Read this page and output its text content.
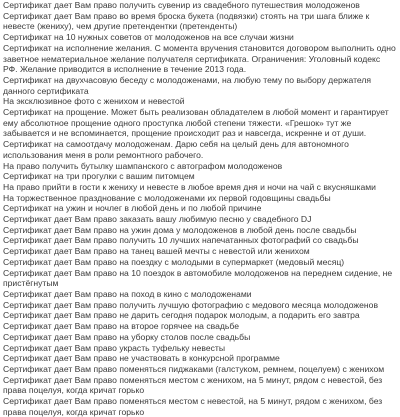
Сертификат дает Вам право получить сувенир из свадебного путешествия молодоженов
Сертификат дает Вам право во время броска букета (подвязки) стоять на три шага ближе к невесте (жениху), чем другие претендентки (претенденты)
Сертификат на 10 нужных советов от молодоженов на все случаи жизни
Сертификат на исполнение желания. С момента вручения становится договором выполнить одно заветное нематериальное желание получателя сертификата. Ограничения: Уголовный кодекс РФ. Желание приводится в исполнение в течение 2013 года.
Сертификат на двухчасовую беседу с молодоженами, на любую тему по выбору держателя данного сертификата
На эксклюзивное фото с женихом и невестой
Сертификат на прощение. Может быть реализован обладателем в любой момент и гарантирует ему абсолютное прощение одного проступка любой степени тяжести. «Грешок» тут же забывается и не вспоминается, прощение происходит раз и навсегда, искренне и от души.
Сертификат на самоотдачу молодоженам. Дарю себя на целый день для автономного использования меня в роли ремонтного рабочего.
На право получить бутылку шампанского с автографом молодоженов
Сертификат на три прогулки с вашим питомцем
На право прийти в гости к жениху и невесте в любое время дня и ночи на чай с вкусняшками
На торжественное празднование с молодоженами их первой годовщины свадьбы
Сертификат на ужин и ночлег в любой день и по любой причине
Сертификат дает Вам право заказать вашу любимую песню у свадебного DJ
Сертификат дает Вам право на ужин дома у молодоженов в любой день после свадьбы
Сертификат дает Вам право получить 10 лучших напечатанных фотографий со свадьбы
Сертификат дает Вам право на танец вашей мечты с невестой или женихом
Сертификат дает Вам право на поездку с молодыми в супермаркет (медовый месяц)
Сертификат дает Вам право на 10 поездок в автомобиле молодоженов на переднем сидение, не пристёгнутым
Сертификат дает Вам право на поход в кино с молодоженами
Сертификат дает Вам право получить лучшую фотографию с медового месяца молодоженов
Сертификат дает Вам право не дарить сегодня подарок молодым, а подарить его завтра
Сертификат дает Вам право на второе горячее на свадьбе
Сертификат дает Вам право на уборку столов после свадьбы
Сертификат дает Вам право украсть туфельку невесты
Сертификат дает Вам право не участвовать в конкурсной программе
Сертификат дает Вам право поменяться пиджаками (галстуком, ремнем, поцелуем) с женихом
Сертификат дает Вам право поменяться местом с женихом, на 5 минут, рядом с невестой, без права поцелуя, когда кричат горько
Сертификат дает Вам право поменяться местом с невестой, на 5 минут, рядом с женихом, без права поцелуя, когда кричат горько
